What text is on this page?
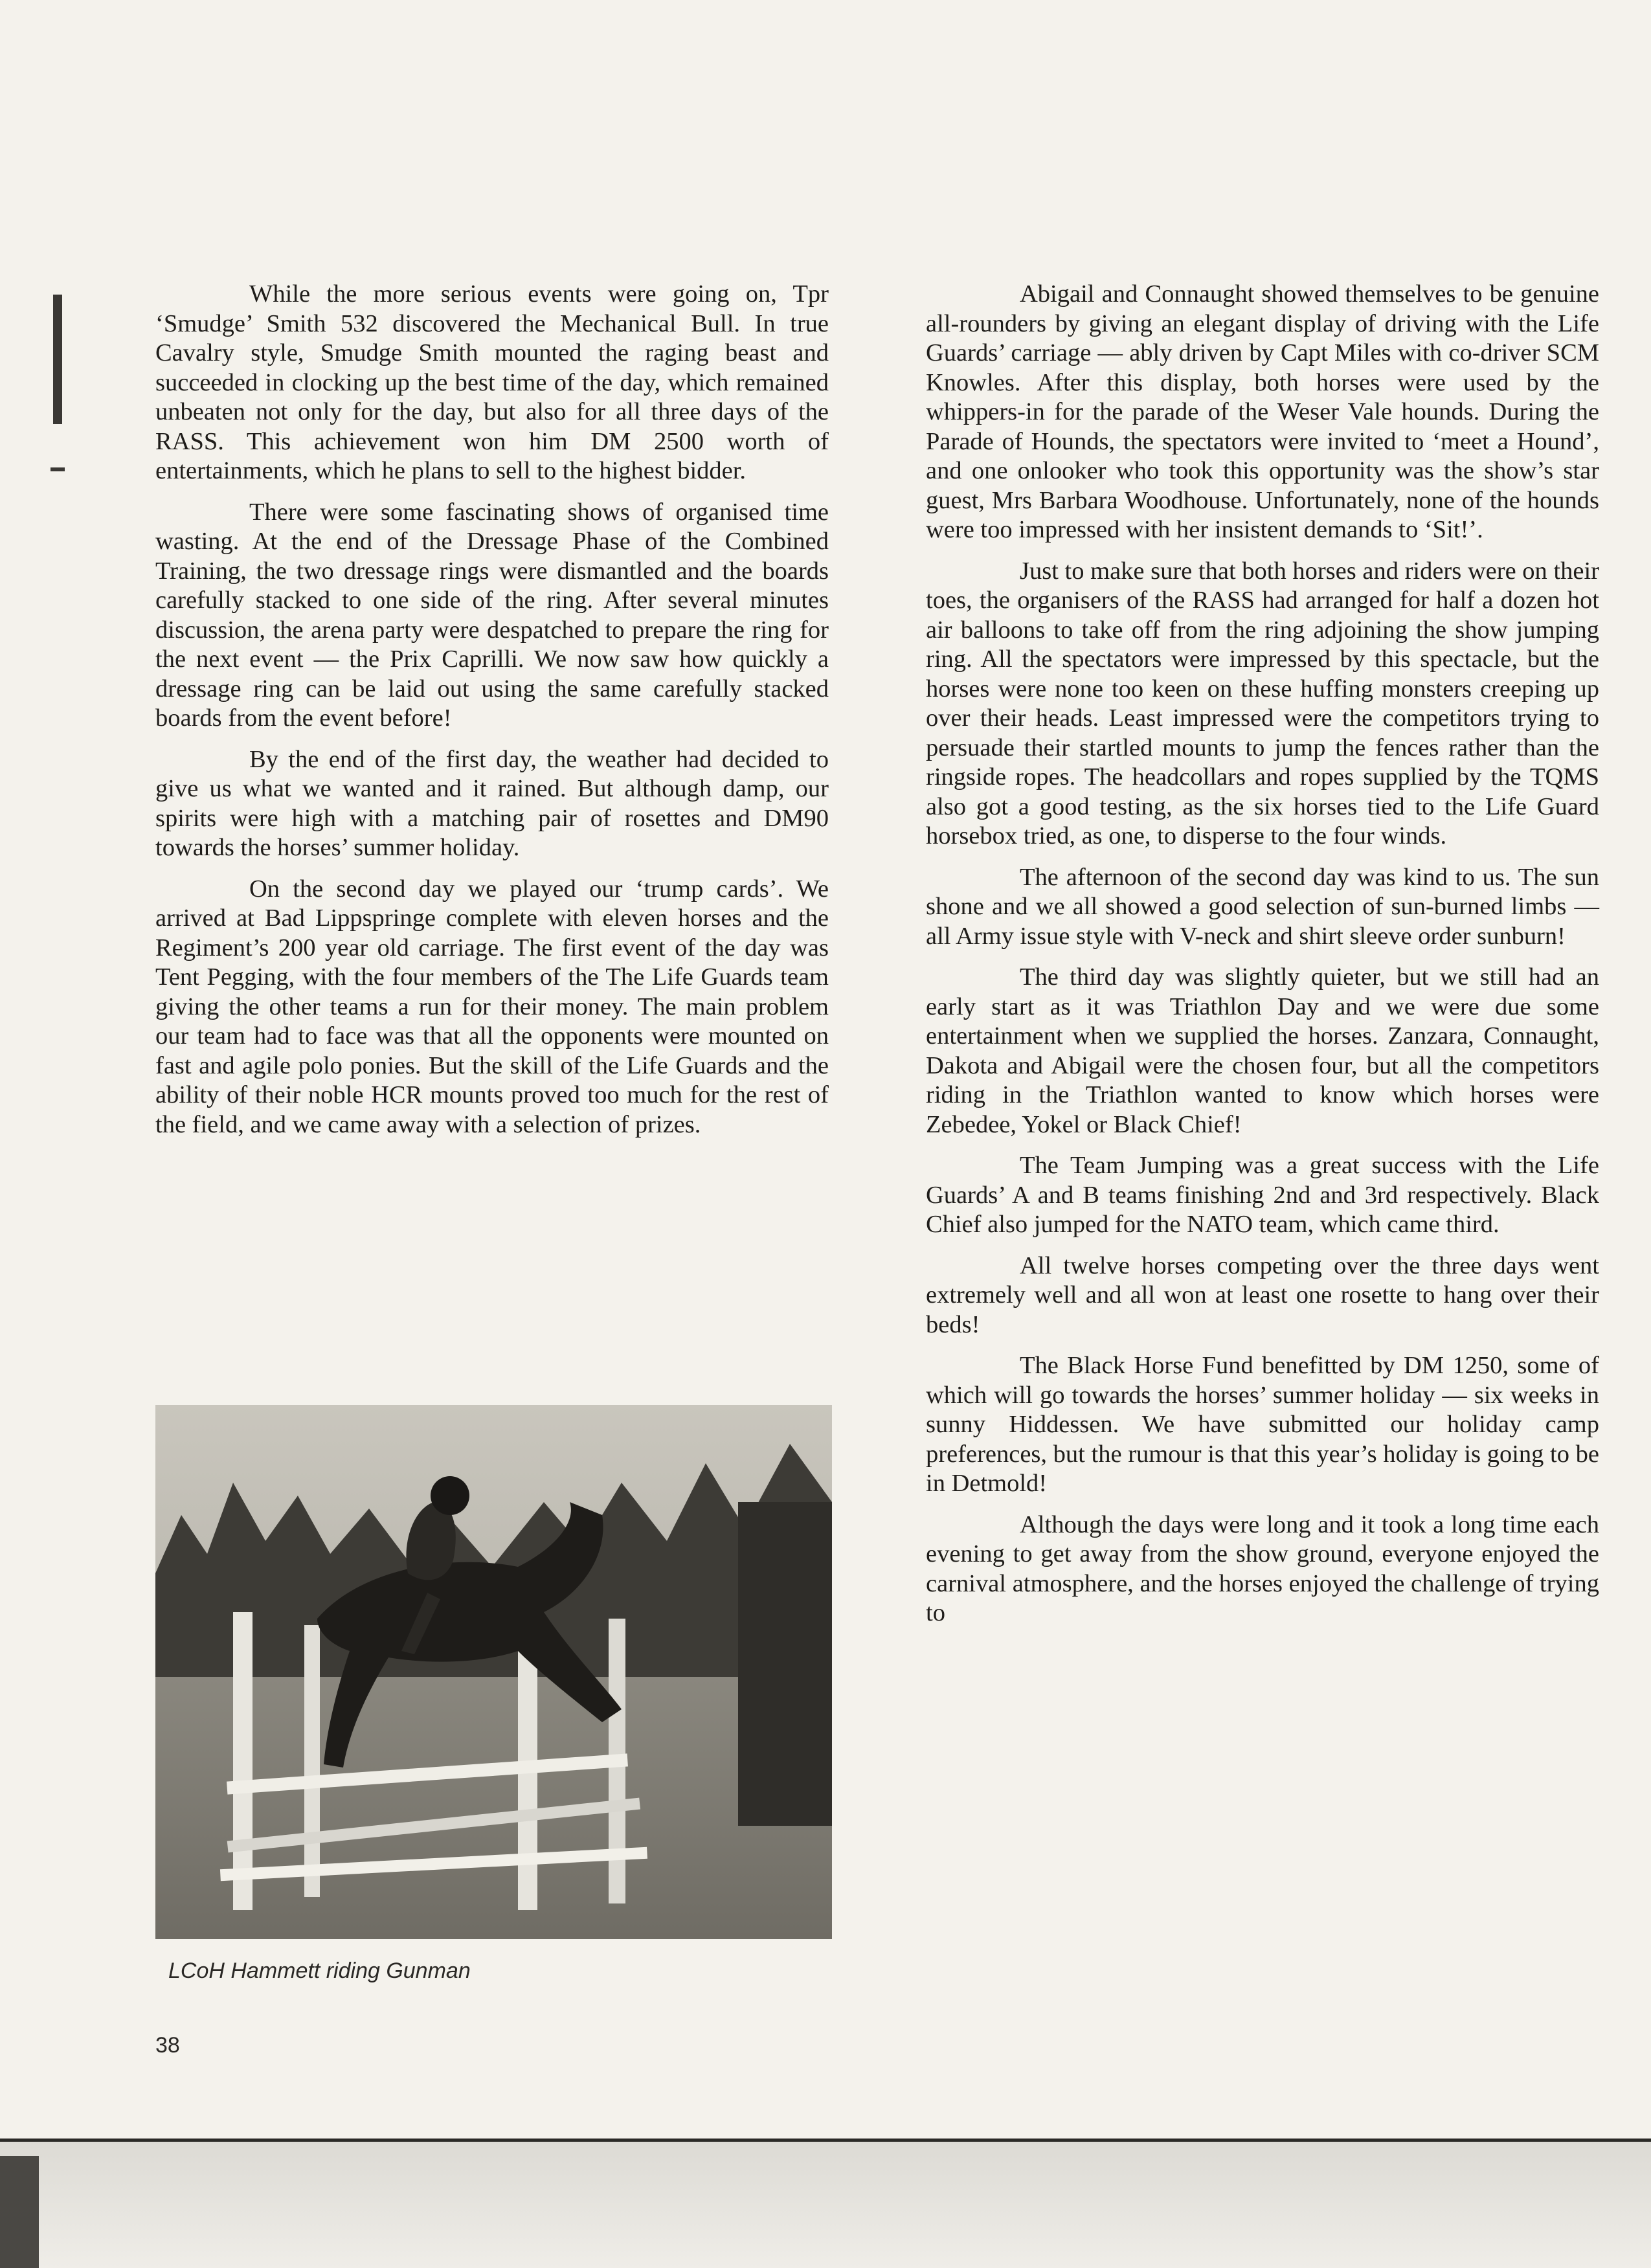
While the more serious events were going on, Tpr ‘Smudge’ Smith 532 discovered the Mechanical Bull. In true Cavalry style, Smudge Smith mounted the raging beast and succeeded in clocking up the best time of the day, which remained unbeaten not only for the day, but also for all three days of the RASS. This achievement won him DM 2500 worth of entertainments, which he plans to sell to the highest bidder.

There were some fascinating shows of organised time wasting. At the end of the Dressage Phase of the Combined Training, the two dressage rings were dismantled and the boards carefully stacked to one side of the ring. After several minutes discussion, the arena party were despatched to prepare the ring for the next event — the Prix Caprilli. We now saw how quickly a dressage ring can be laid out using the same carefully stacked boards from the event before!

By the end of the first day, the weather had decided to give us what we wanted and it rained. But although damp, our spirits were high with a matching pair of rosettes and DM90 towards the horses’ summer holiday.

On the second day we played our ‘trump cards’. We arrived at Bad Lippspringe complete with eleven horses and the Regiment’s 200 year old carriage. The first event of the day was Tent Pegging, with the four members of the The Life Guards team giving the other teams a run for their money. The main problem our team had to face was that all the opponents were mounted on fast and agile polo ponies. But the skill of the Life Guards and the ability of their noble HCR mounts proved too much for the rest of the field, and we came away with a selection of prizes.

LCoH Hammett riding Gunman

Abigail and Connaught showed themselves to be genuine all-rounders by giving an elegant display of driving with the Life Guards’ carriage — ably driven by Capt Miles with co-driver SCM Knowles. After this display, both horses were used by the whippers-in for the parade of the Weser Vale hounds. During the Parade of Hounds, the spectators were invited to ‘meet a Hound’, and one onlooker who took this opportunity was the show’s star guest, Mrs Barbara Woodhouse. Unfortunately, none of the hounds were too impressed with her insistent demands to ‘Sit!’.

Just to make sure that both horses and riders were on their toes, the organisers of the RASS had arranged for half a dozen hot air balloons to take off from the ring adjoining the show jumping ring. All the spectators were impressed by this spectacle, but the horses were none too keen on these huffing monsters creeping up over their heads. Least impressed were the competitors trying to persuade their startled mounts to jump the fences rather than the ringside ropes. The headcollars and ropes supplied by the TQMS also got a good testing, as the six horses tied to the Life Guard horsebox tried, as one, to disperse to the four winds.

The afternoon of the second day was kind to us. The sun shone and we all showed a good selection of sun-burned limbs — all Army issue style with V-neck and shirt sleeve order sunburn!

The third day was slightly quieter, but we still had an early start as it was Triathlon Day and we were due some entertainment when we supplied the horses. Zanzara, Connaught, Dakota and Abigail were the chosen four, but all the competitors riding in the Triathlon wanted to know which horses were Zebedee, Yokel or Black Chief!

The Team Jumping was a great success with the Life Guards’ A and B teams finishing 2nd and 3rd respectively. Black Chief also jumped for the NATO team, which came third.

All twelve horses competing over the three days went extremely well and all won at least one rosette to hang over their beds!

The Black Horse Fund benefitted by DM 1250, some of which will go towards the horses’ summer holiday — six weeks in sunny Hiddessen. We have submitted our holiday camp preferences, but the rumour is that this year’s holiday is going to be in Detmold!

Although the days were long and it took a long time each evening to get away from the show ground, everyone enjoyed the carnival atmosphere, and the horses enjoyed the challenge of trying to

38
